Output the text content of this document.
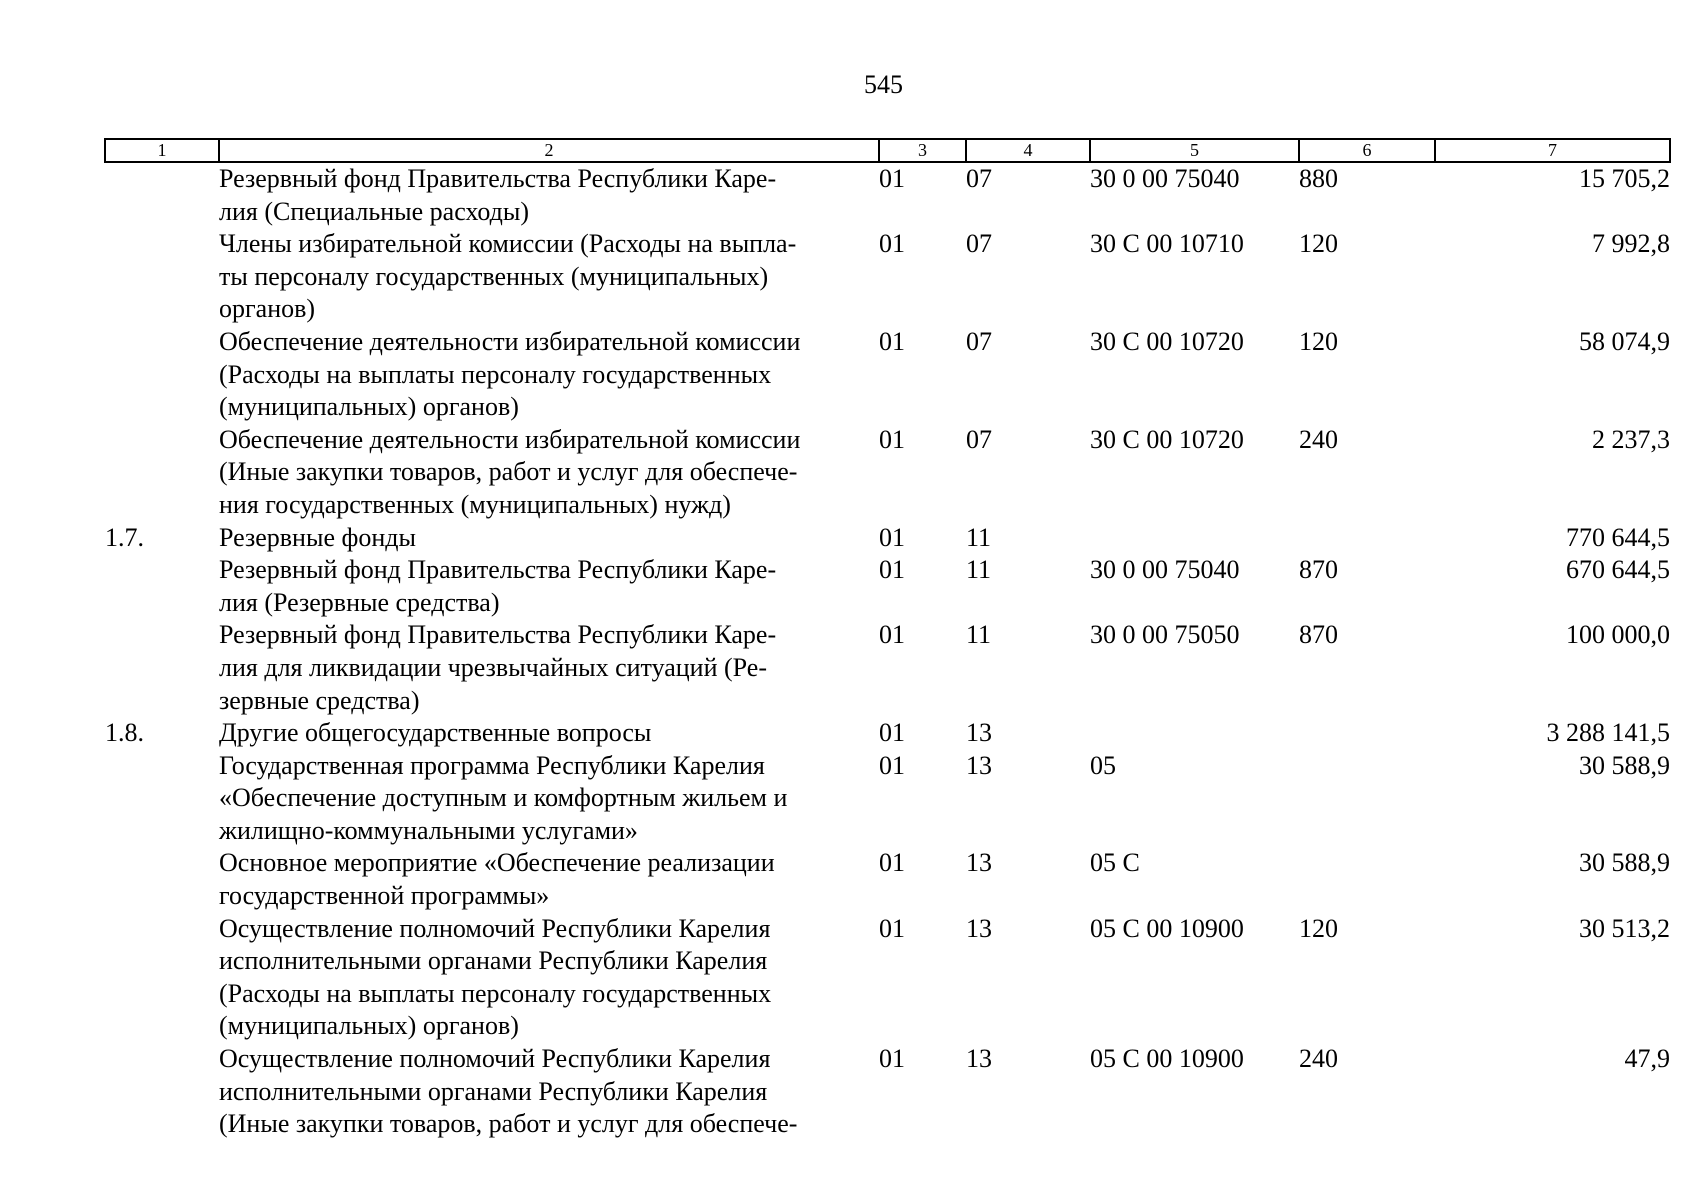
545
1	2	3	4	5	6	7
	Резервный фонд Правительства Республики Каре-
лия (Специальные расходы)	01	07	30 0 00 75040	880	15 705,2
	Члены избирательной комиссии (Расходы на выпла-
ты персоналу государственных (муниципальных)
органов)	01	07	30 С 00 10710	120	7 992,8
	Обеспечение деятельности избирательной комиссии
(Расходы на выплаты персоналу государственных
(муниципальных) органов)	01	07	30 С 00 10720	120	58 074,9
	Обеспечение деятельности избирательной комиссии
(Иные закупки товаров, работ и услуг для обеспече-
ния государственных (муниципальных) нужд)	01	07	30 С 00 10720	240	2 237,3
1.7.	Резервные фонды	01	11			770 644,5
	Резервный фонд Правительства Республики Каре-
лия (Резервные средства)	01	11	30 0 00 75040	870	670 644,5
	Резервный фонд Правительства Республики Каре-
лия для ликвидации чрезвычайных ситуаций (Ре-
зервные средства)	01	11	30 0 00 75050	870	100 000,0
1.8.	Другие общегосударственные вопросы	01	13			3 288 141,5
	Государственная программа Республики Карелия
«Обеспечение доступным и комфортным жильем и
жилищно-коммунальными услугами»	01	13	05		30 588,9
	Основное мероприятие «Обеспечение реализации
государственной программы»	01	13	05 С		30 588,9
	Осуществление полномочий Республики Карелия
исполнительными органами Республики Карелия
(Расходы на выплаты персоналу государственных
(муниципальных) органов)	01	13	05 С 00 10900	120	30 513,2
	Осуществление полномочий Республики Карелия
исполнительными органами Республики Карелия
(Иные закупки товаров, работ и услуг для обеспече-	01	13	05 С 00 10900	240	47,9
